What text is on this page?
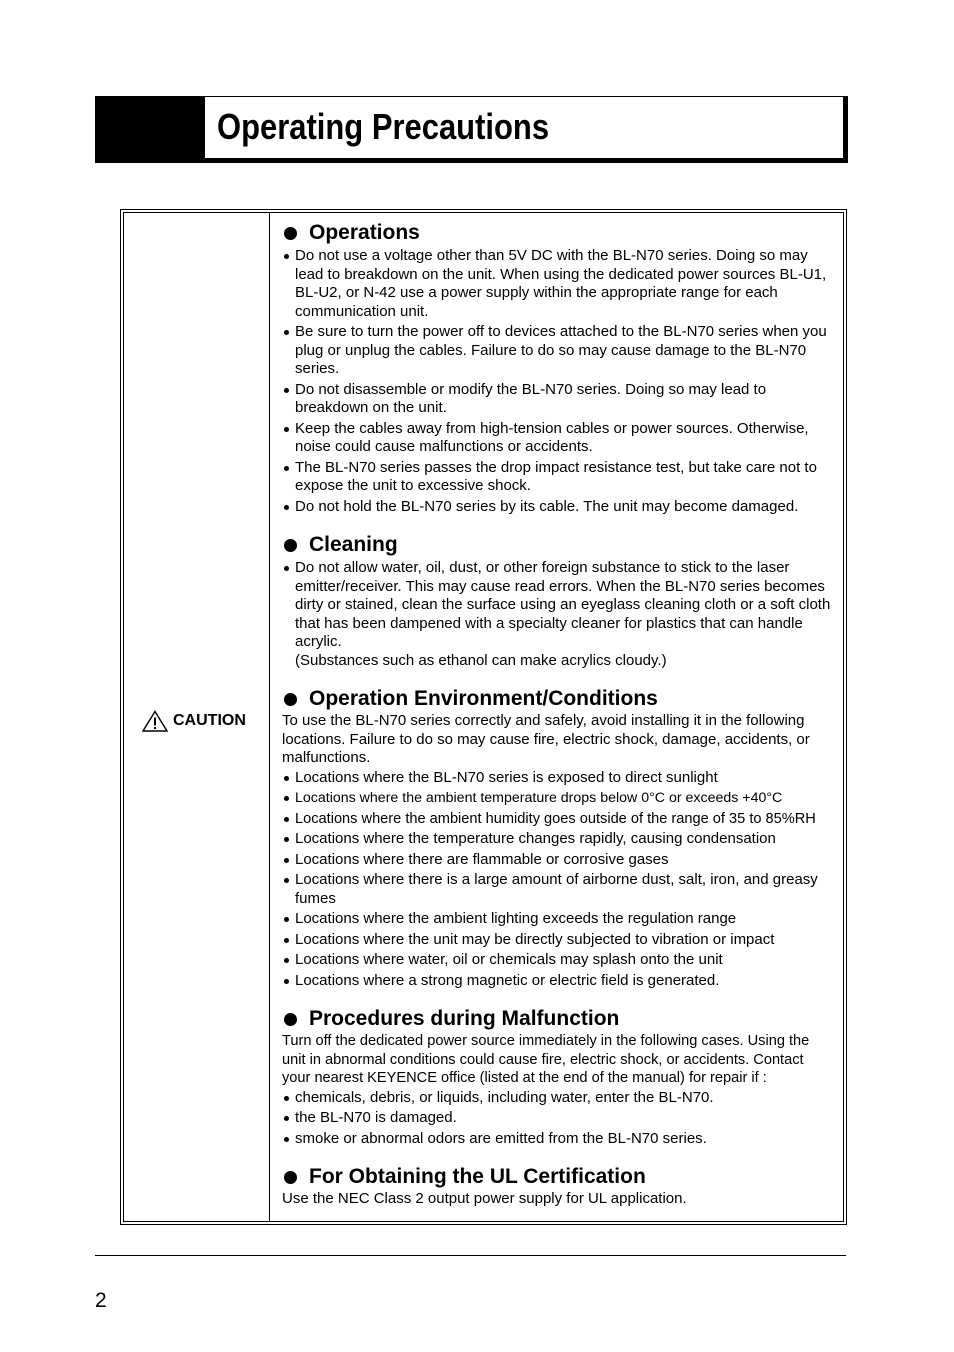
Operating Precautions
CAUTION
Operations
Do not use a voltage other than 5V DC with the BL-N70 series. Doing so may lead to breakdown on the unit. When using the dedicated power sources BL-U1, BL-U2, or N-42 use a power supply within the appropriate range for each communication unit.
Be sure to turn the power off to devices attached to the BL-N70 series when you plug or unplug the cables. Failure to do so may cause damage to the BL-N70 series.
Do not disassemble or modify the BL-N70 series. Doing so may lead to breakdown on the unit.
Keep the cables away from high-tension cables or power sources. Otherwise, noise could cause malfunctions or accidents.
The BL-N70 series passes the drop impact resistance test, but take care not to expose the unit to excessive shock.
Do not hold the BL-N70 series by its cable. The unit may become damaged.
Cleaning
Do not allow water, oil, dust, or other foreign substance to stick to the laser emitter/receiver. This may cause read errors. When the BL-N70 series becomes dirty or stained, clean the surface using an eyeglass cleaning cloth or a soft cloth that has been dampened with a specialty cleaner for plastics that can handle acrylic.
(Substances such as ethanol can make acrylics cloudy.)
Operation Environment/Conditions

To use the BL-N70 series correctly and safely, avoid installing it in the following locations. Failure to do so may cause fire, electric shock, damage, accidents, or malfunctions.

Locations where the BL-N70 series is exposed to direct sunlight
Locations where the ambient temperature drops below 0°C or exceeds +40°C
Locations where the ambient humidity goes outside of the range of 35 to 85%RH
Locations where the temperature changes rapidly, causing condensation
Locations where there are flammable or corrosive gases
Locations where there is a large amount of airborne dust, salt, iron, and greasy fumes
Locations where the ambient lighting exceeds the regulation range
Locations where the unit may be directly subjected to vibration or impact
Locations where water, oil or chemicals may splash onto the unit
Locations where a strong magnetic or electric field is generated.
Procedures during Malfunction

Turn off the dedicated power source immediately in the following cases. Using the unit in abnormal conditions could cause fire, electric shock, or accidents. Contact your nearest KEYENCE office (listed at the end of the manual) for repair if :

chemicals, debris, or liquids, including water, enter the BL-N70.
the BL-N70 is damaged.
smoke or abnormal odors are emitted from the BL-N70 series.
For Obtaining the UL Certification

Use the NEC Class 2 output power supply for UL application.

2
